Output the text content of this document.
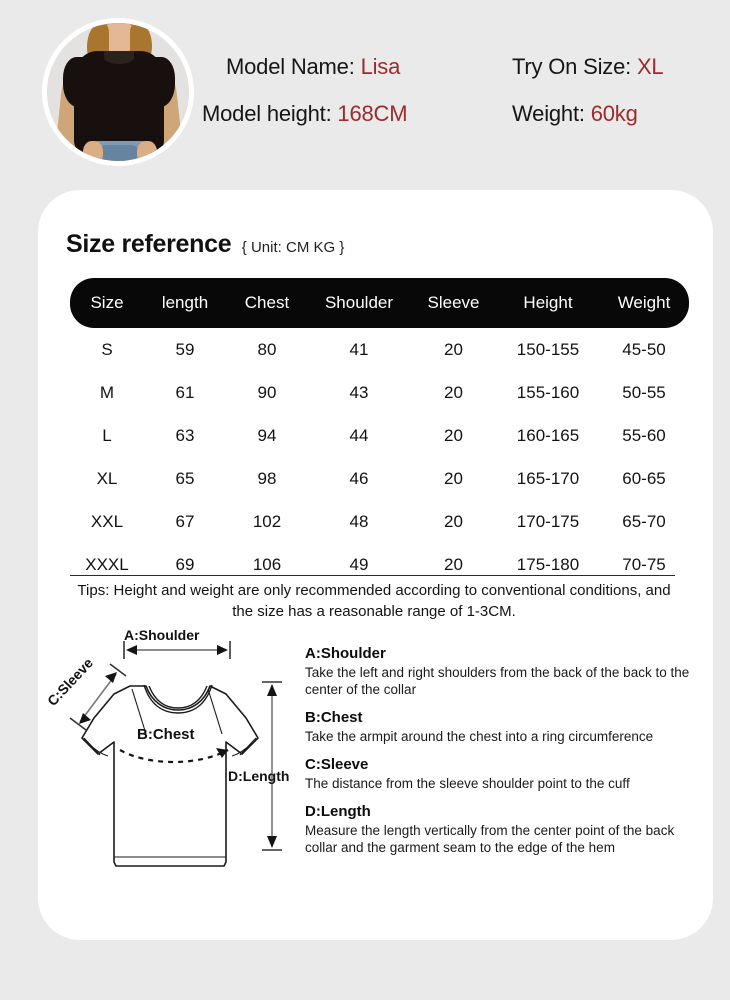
Model Name: Lisa
Model height: 168CM
Try On Size: XL
Weight: 60kg
Size reference { Unit: CM KG }
Size	length	Chest	Shoulder	Sleeve	Height	Weight
S	59	80	41	20	150-155	45-50
M	61	90	43	20	155-160	50-55
L	63	94	44	20	160-165	55-60
XL	65	98	46	20	165-170	60-65
XXL	67	102	48	20	170-175	65-70
XXXL	69	106	49	20	175-180	70-75
Tips: Height and weight are only recommended according to conventional conditions, and the size has a reasonable range of 1-3CM.
A:Shoulder
B:Chest
C:Sleeve
D:Length
A:Shoulder
Take the left and right shoulders from the back of the back to the center of the collar
B:Chest
Take the armpit around the chest into a ring circumference
C:Sleeve
The distance from the sleeve shoulder point to the cuff
D:Length
Measure the length vertically from the center point of the back collar and the garment seam to the edge of the hem
